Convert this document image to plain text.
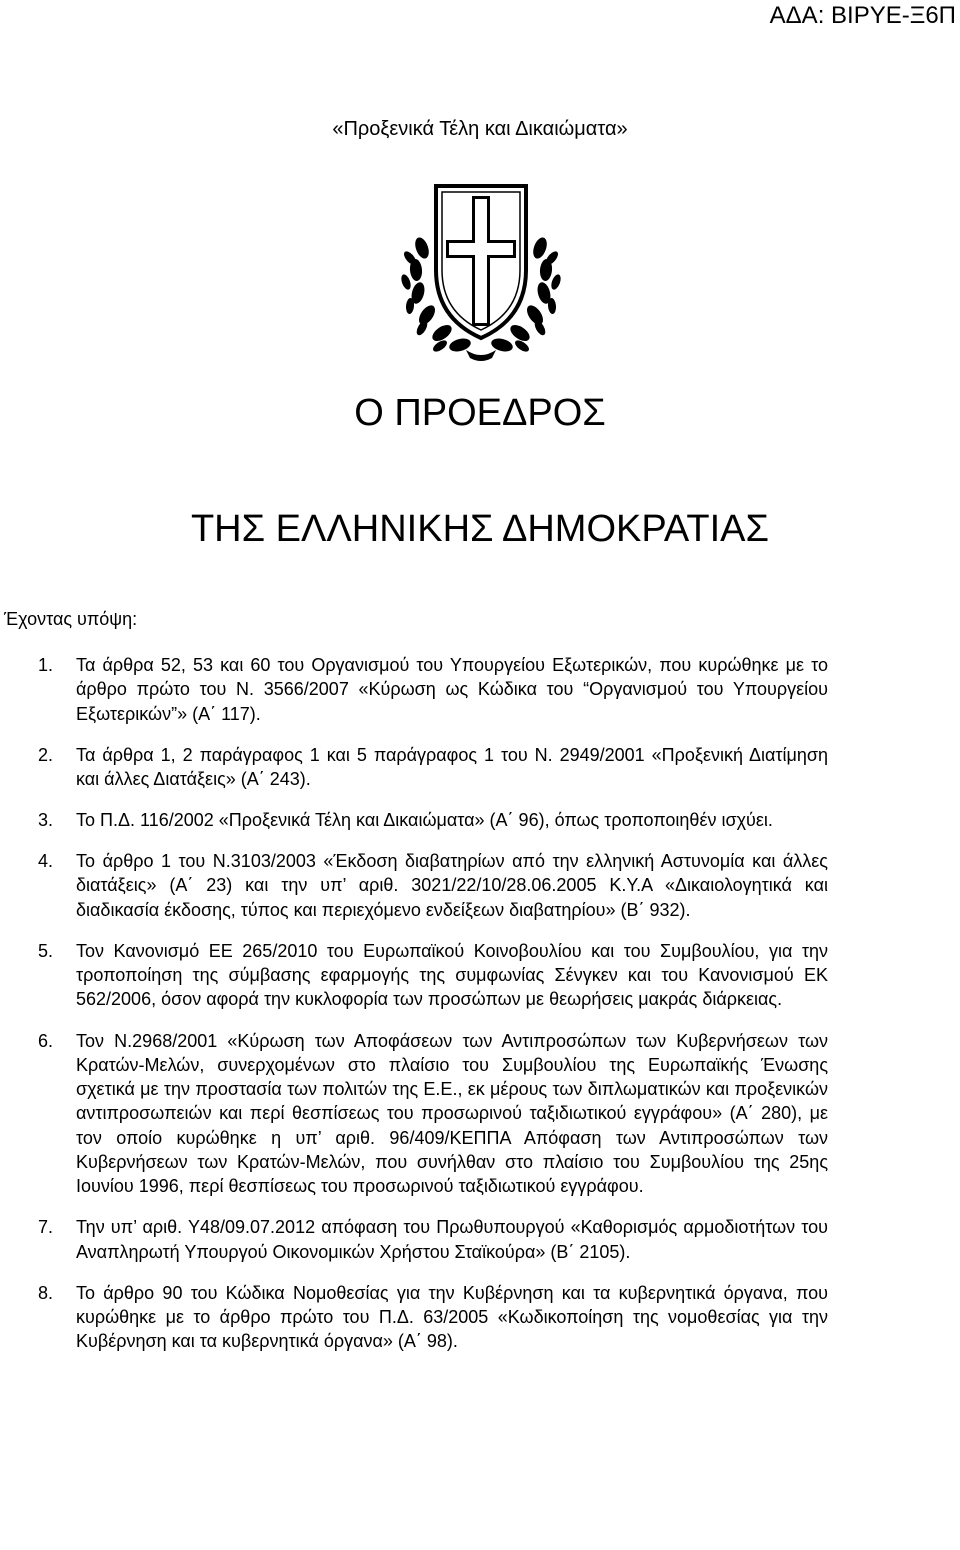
ΑΔΑ: ΒΙΡΥΕ-Ξ6Π
«Προξενικά Τέλη και Δικαιώματα»
Ο ΠΡΟΕΔΡΟΣ
ΤΗΣ ΕΛΛΗΝΙΚΗΣ ΔΗΜΟΚΡΑΤΙΑΣ
Έχοντας υπόψη:
1. Τα άρθρα 52, 53 και 60 του Οργανισμού του Υπουργείου Εξωτερικών, που κυρώθηκε με το άρθρο πρώτο του Ν. 3566/2007 «Κύρωση ως Κώδικα του “Οργανισμού του Υπουργείου Εξωτερικών”» (Α΄ 117).
2. Τα άρθρα 1, 2 παράγραφος 1 και 5 παράγραφος 1 του Ν. 2949/2001 «Προξενική Διατίμηση και άλλες Διατάξεις» (Α΄ 243).
3. Το Π.Δ. 116/2002 «Προξενικά Τέλη και Δικαιώματα» (Α΄ 96), όπως τροποποιηθέν ισχύει.
4. Το άρθρο 1 του Ν.3103/2003 «Έκδοση διαβατηρίων από την ελληνική Αστυνομία και άλλες διατάξεις» (Α΄ 23) και την υπ’ αριθ. 3021/22/10/28.06.2005 Κ.Υ.Α «Δικαιολογητικά και διαδικασία έκδοσης, τύπος και περιεχόμενο ενδείξεων διαβατηρίου» (Β΄ 932).
5. Τον Κανονισμό ΕΕ 265/2010 του Ευρωπαϊκού Κοινοβουλίου και του Συμβουλίου, για την τροποποίηση της σύμβασης εφαρμογής της συμφωνίας Σένγκεν και του Κανονισμού ΕΚ 562/2006, όσον αφορά την κυκλοφορία των προσώπων με θεωρήσεις μακράς διάρκειας.
6. Τον Ν.2968/2001 «Κύρωση των Αποφάσεων των Αντιπροσώπων των Κυβερνήσεων των Κρατών-Μελών, συνερχομένων στο πλαίσιο του Συμβουλίου της Ευρωπαϊκής Ένωσης σχετικά με την προστασία των πολιτών της Ε.Ε., εκ μέρους των διπλωματικών και προξενικών αντιπροσωπειών και περί θεσπίσεως του προσωρινού ταξιδιωτικού εγγράφου» (Α΄ 280), με τον οποίο κυρώθηκε η υπ’ αριθ. 96/409/ΚΕΠΠΑ Απόφαση των Αντιπροσώπων των Κυβερνήσεων των Κρατών-Μελών, που συνήλθαν στο πλαίσιο του Συμβουλίου της 25ης Ιουνίου 1996, περί θεσπίσεως του προσωρινού ταξιδιωτικού εγγράφου.
7. Την υπ’ αριθ. Υ48/09.07.2012 απόφαση του Πρωθυπουργού «Καθορισμός αρμοδιοτήτων του Αναπληρωτή Υπουργού Οικονομικών Χρήστου Σταϊκούρα» (Β΄ 2105).
8. Το άρθρο 90 του Κώδικα Νομοθεσίας για την Κυβέρνηση και τα κυβερνητικά όργανα, που κυρώθηκε με το άρθρο πρώτο του Π.Δ. 63/2005 «Κωδικοποίηση της νομοθεσίας για την Κυβέρνηση και τα κυβερνητικά όργανα» (Α΄ 98).
